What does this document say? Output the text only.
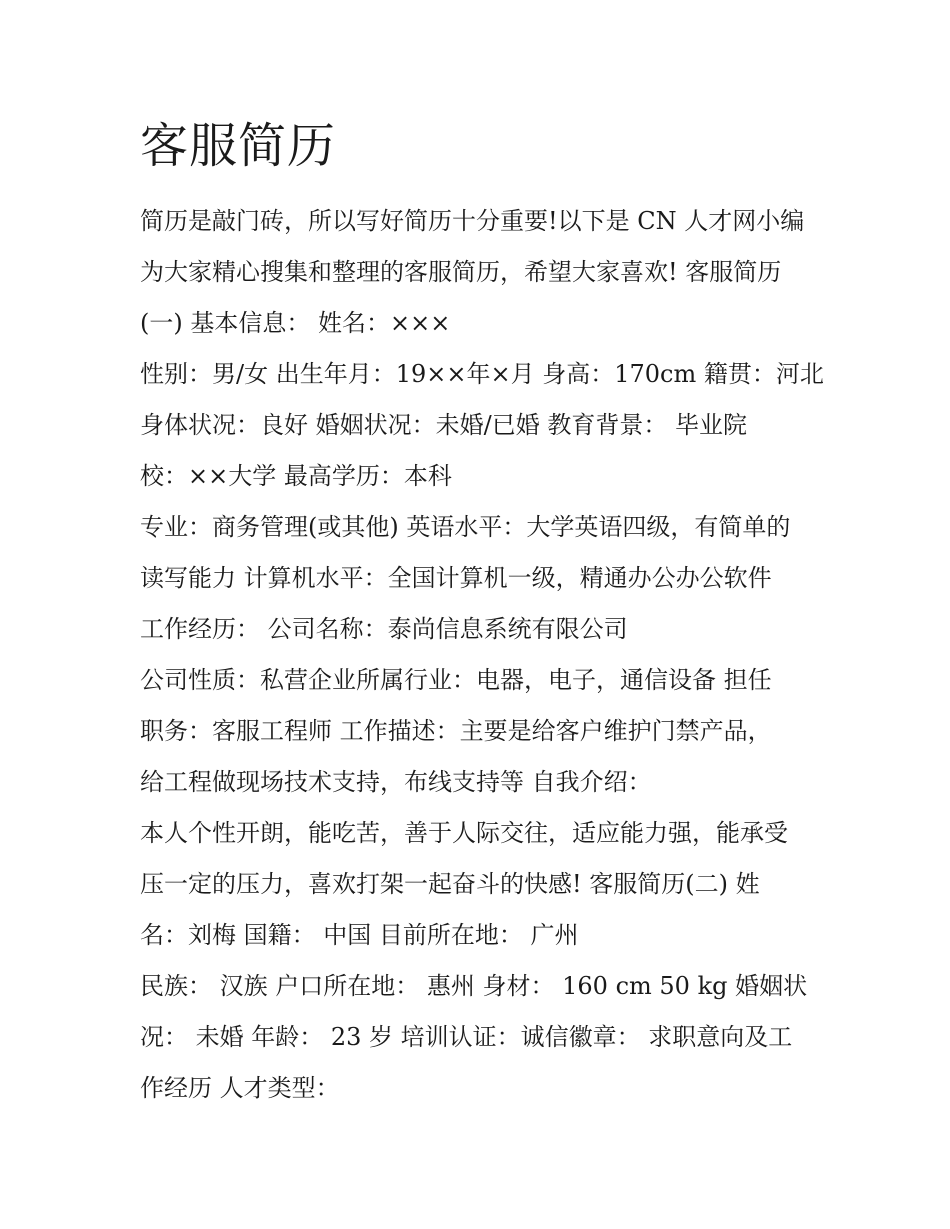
客服简历
简历是敲门砖，所以写好简历十分重要!以下是 CN 人才网小编
为大家精心搜集和整理的客服简历，希望大家喜欢! 客服简历
(一) 基本信息： 姓名：×××
性别：男/女 出生年月：19××年×月 身高：170cm 籍贯：河北
身体状况：良好 婚姻状况：未婚/已婚 教育背景： 毕业院
校：××大学 最高学历：本科
专业：商务管理(或其他) 英语水平：大学英语四级，有简单的
读写能力 计算机水平：全国计算机一级，精通办公办公软件
工作经历： 公司名称：泰尚信息系统有限公司
公司性质：私营企业所属行业：电器，电子，通信设备 担任
职务：客服工程师 工作描述：主要是给客户维护门禁产品，
给工程做现场技术支持，布线支持等 自我介绍：
本人个性开朗，能吃苦，善于人际交往，适应能力强，能承受
压一定的压力，喜欢打架一起奋斗的快感! 客服简历(二) 姓
名：刘梅 国籍： 中国 目前所在地： 广州
民族： 汉族 户口所在地： 惠州 身材： 160 cm 50 kg 婚姻状
况： 未婚 年龄： 23 岁 培训认证：诚信徽章： 求职意向及工
作经历 人才类型：
